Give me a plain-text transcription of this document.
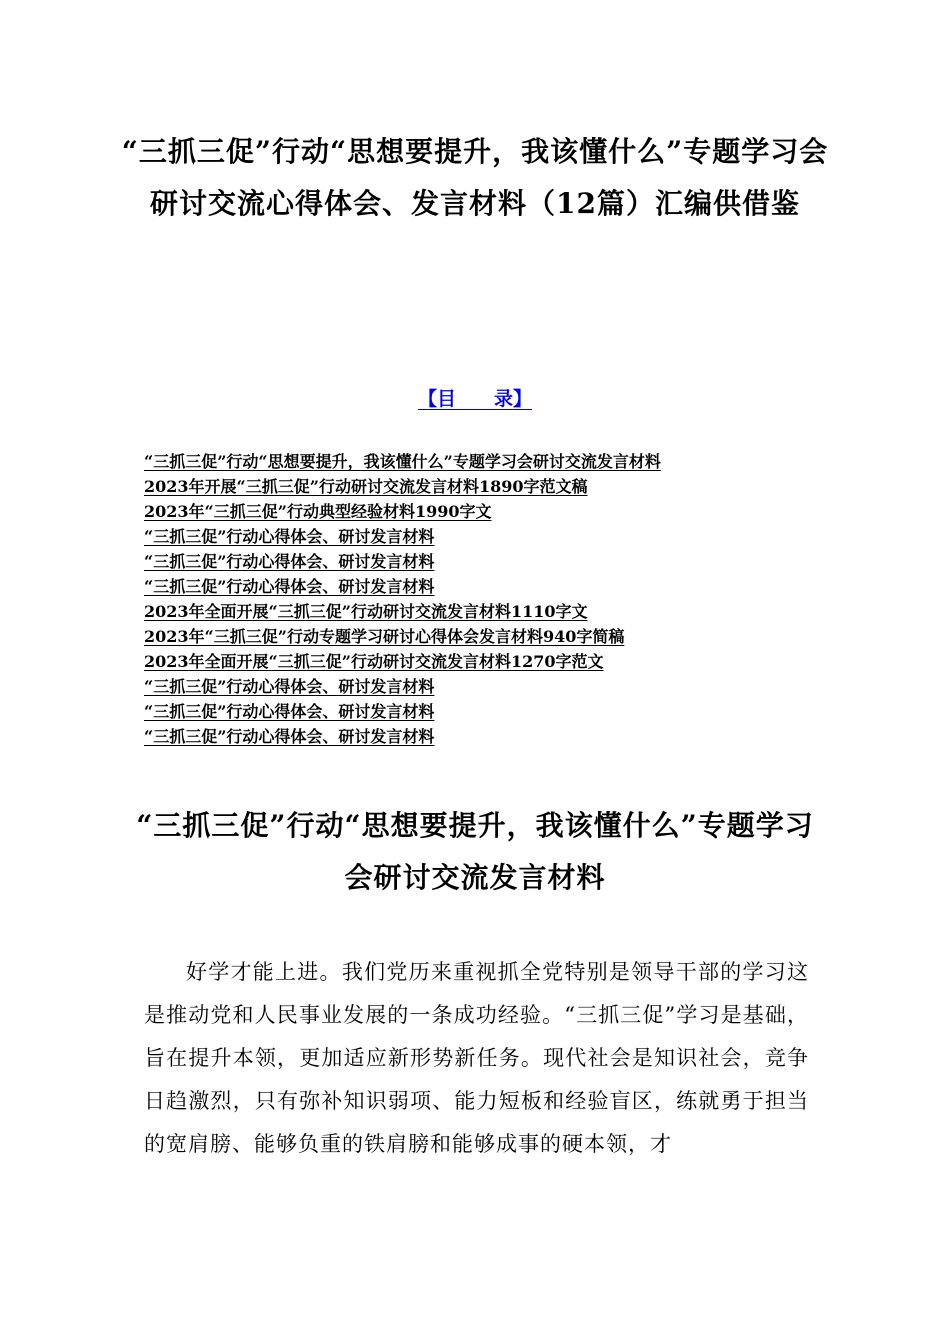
“三抓三促”行动“思想要提升，我该懂什么”专题学习会研讨交流心得体会、发言材料（12篇）汇编供借鉴
【目　　录】
“三抓三促”行动“思想要提升，我该懂什么”专题学习会研讨交流发言材料
2023年开展“三抓三促”行动研讨交流发言材料1890字范文稿
2023年“三抓三促”行动典型经验材料1990字文
“三抓三促”行动心得体会、研讨发言材料
“三抓三促”行动心得体会、研讨发言材料
“三抓三促”行动心得体会、研讨发言材料
2023年全面开展“三抓三促”行动研讨交流发言材料1110字文
2023年“三抓三促”行动专题学习研讨心得体会发言材料940字简稿
2023年全面开展“三抓三促”行动研讨交流发言材料1270字范文
“三抓三促”行动心得体会、研讨发言材料
“三抓三促”行动心得体会、研讨发言材料
“三抓三促”行动心得体会、研讨发言材料
“三抓三促”行动“思想要提升，我该懂什么”专题学习会研讨交流发言材料

好学才能上进。我们党历来重视抓全党特别是领导干部的学习这是推动党和人民事业发展的一条成功经验。“三抓三促”学习是基础，旨在提升本领，更加适应新形势新任务。现代社会是知识社会，竞争日趋激烈，只有弥补知识弱项、能力短板和经验盲区，练就勇于担当的宽肩膀、能够负重的铁肩膀和能够成事的硬本领，才
